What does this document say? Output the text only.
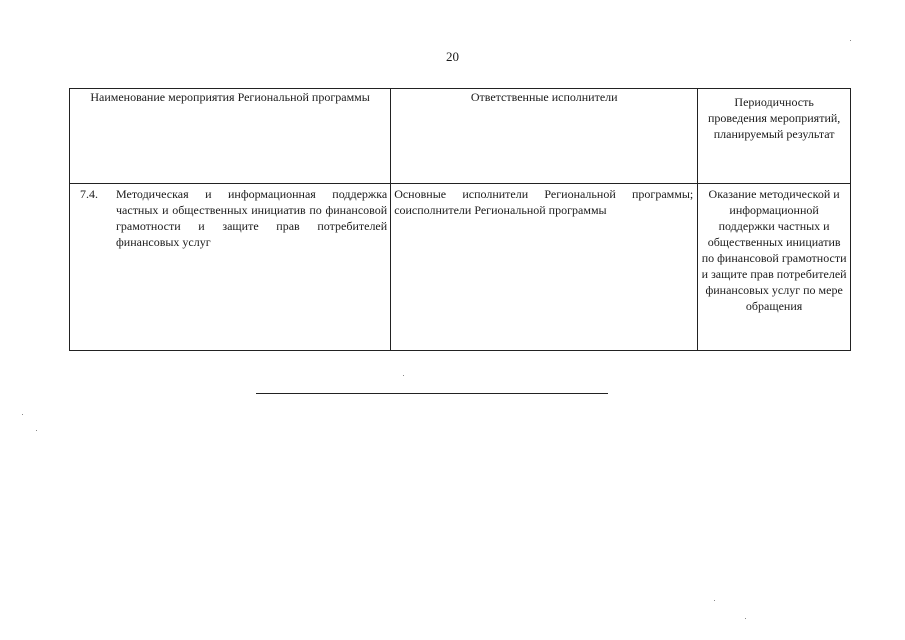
20
Наименование мероприятия Региональной программы	Ответственные исполнители	Периодичность проведения мероприятий, планируемый результат

7.4. Методическая и информационная поддержка частных и общественных инициатив по финансовой грамотности и защите прав потребителей финансовых услуг	Основные исполнители Региональной программы; соисполнители Региональной программы	Оказание методической и информационной поддержки частных и общественных инициатив по финансовой грамотности и защите прав потребителей финансовых услуг по мере обращения
